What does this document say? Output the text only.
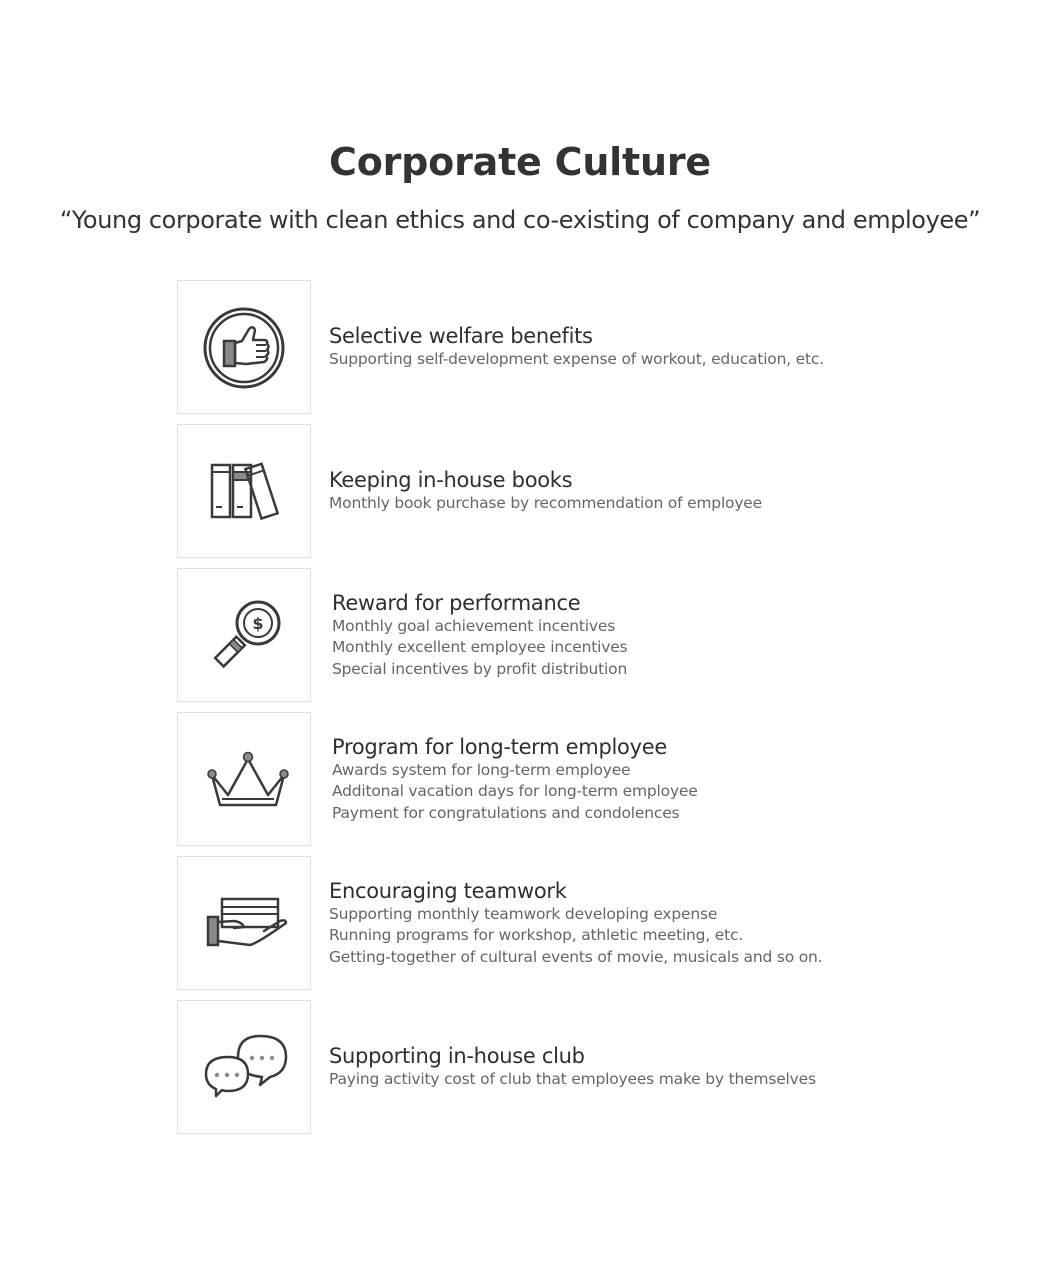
Corporate Culture

“Young corporate with clean ethics and co-existing of company and employee”

Selective welfare benefits

Supporting self-development expense of workout, education, etc.

Keeping in-house books

Monthly book purchase by recommendation of employee

$

Reward for performance

Monthly goal achievement incentives

Monthly excellent employee incentives

Special incentives by profit distribution

Program for long-term employee

Awards system for long-term employee

Additonal vacation days for long-term employee

Payment for congratulations and condolences

Encouraging teamwork

Supporting monthly teamwork developing expense

Running programs for workshop, athletic meeting, etc.

Getting-together of cultural events of movie, musicals and so on.

Supporting in-house club

Paying activity cost of club that employees make by themselves
